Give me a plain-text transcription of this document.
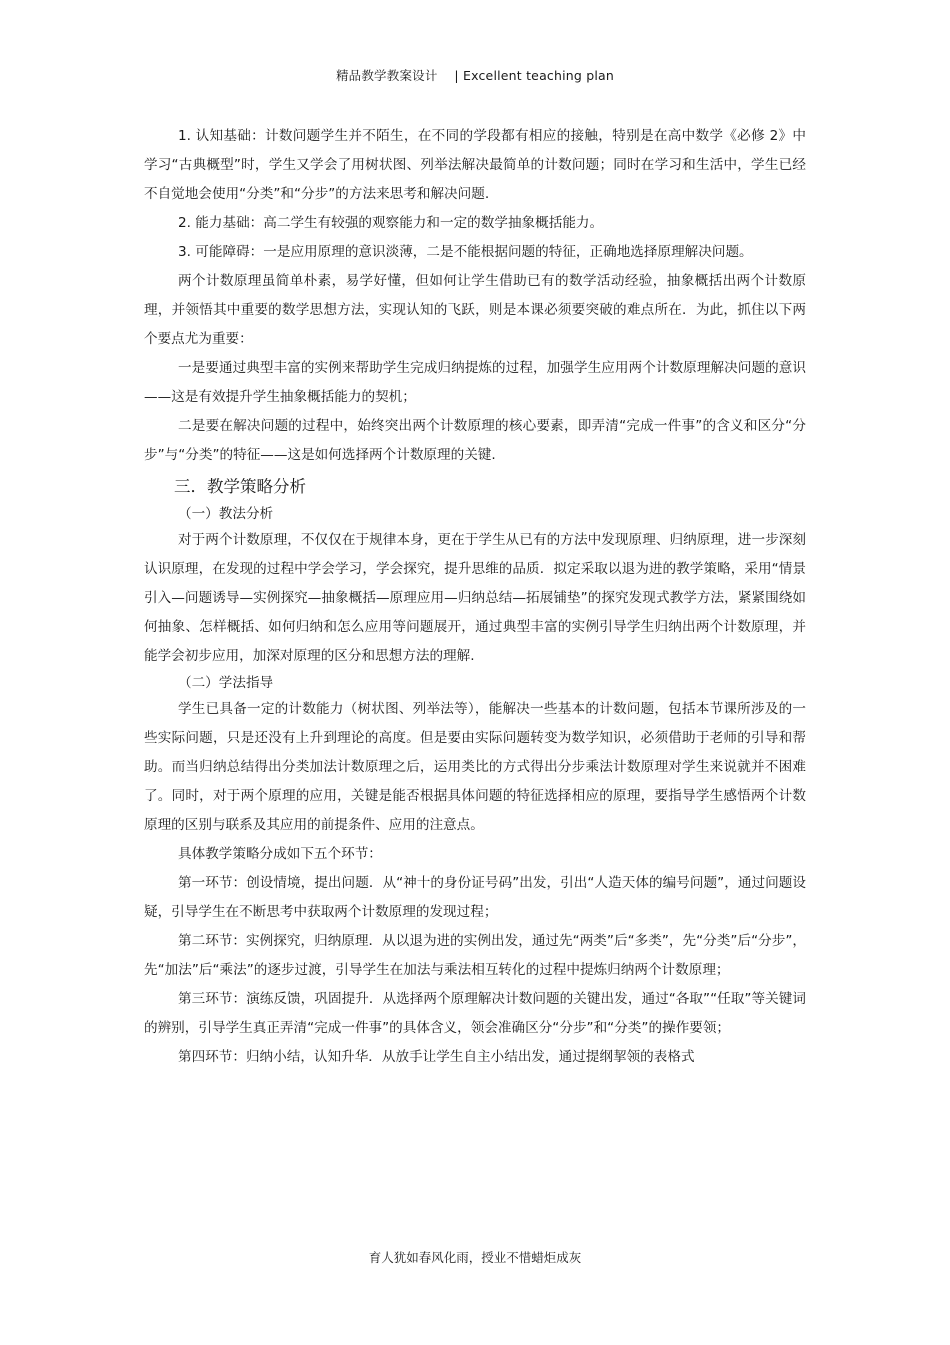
精品教学教案设计　 | Excellent teaching plan

1. 认知基础：计数问题学生并不陌生，在不同的学段都有相应的接触，特别是在高中数学《必修 2》中学习“古典概型”时，学生又学会了用树状图、列举法解决最简单的计数问题；同时在学习和生活中，学生已经不自觉地会使用“分类”和“分步”的方法来思考和解决问题.

2. 能力基础：高二学生有较强的观察能力和一定的数学抽象概括能力。

3. 可能障碍：一是应用原理的意识淡薄，二是不能根据问题的特征，正确地选择原理解决问题。

两个计数原理虽简单朴素，易学好懂，但如何让学生借助已有的数学活动经验，抽象概括出两个计数原理，并领悟其中重要的数学思想方法，实现认知的飞跃，则是本课必须要突破的难点所在．为此，抓住以下两个要点尤为重要：

一是要通过典型丰富的实例来帮助学生完成归纳提炼的过程，加强学生应用两个计数原理解决问题的意识——这是有效提升学生抽象概括能力的契机；

二是要在解决问题的过程中，始终突出两个计数原理的核心要素，即弄清“完成一件事”的含义和区分“分步”与“分类”的特征——这是如何选择两个计数原理的关键.

三．教学策略分析
（一）教法分析

对于两个计数原理，不仅仅在于规律本身，更在于学生从已有的方法中发现原理、归纳原理，进一步深刻认识原理，在发现的过程中学会学习，学会探究，提升思维的品质．拟定采取以退为进的教学策略，采用“情景引入—问题诱导—实例探究—抽象概括—原理应用—归纳总结—拓展铺垫”的探究发现式教学方法，紧紧围绕如何抽象、怎样概括、如何归纳和怎么应用等问题展开，通过典型丰富的实例引导学生归纳出两个计数原理，并能学会初步应用，加深对原理的区分和思想方法的理解.

（二）学法指导

学生已具备一定的计数能力（树状图、列举法等），能解决一些基本的计数问题，包括本节课所涉及的一些实际问题，只是还没有上升到理论的高度。但是要由实际问题转变为数学知识，必须借助于老师的引导和帮助。而当归纳总结得出分类加法计数原理之后，运用类比的方式得出分步乘法计数原理对学生来说就并不困难了。同时，对于两个原理的应用，关键是能否根据具体问题的特征选择相应的原理，要指导学生感悟两个计数原理的区别与联系及其应用的前提条件、应用的注意点。

具体教学策略分成如下五个环节：

第一环节：创设情境，提出问题．从“神十的身份证号码”出发，引出“人造天体的编号问题”，通过问题设疑，引导学生在不断思考中获取两个计数原理的发现过程；

第二环节：实例探究，归纳原理．从以退为进的实例出发，通过先“两类”后“多类”，先“分类”后“分步”，先“加法”后“乘法”的逐步过渡，引导学生在加法与乘法相互转化的过程中提炼归纳两个计数原理；

第三环节：演练反馈，巩固提升．从选择两个原理解决计数问题的关键出发，通过“各取”“任取”等关键词的辨别，引导学生真正弄清“完成一件事”的具体含义，领会准确区分“分步”和“分类”的操作要领；

第四环节：归纳小结，认知升华．从放手让学生自主小结出发，通过提纲挈领的表格式

育人犹如春风化雨，授业不惜蜡炬成灰
